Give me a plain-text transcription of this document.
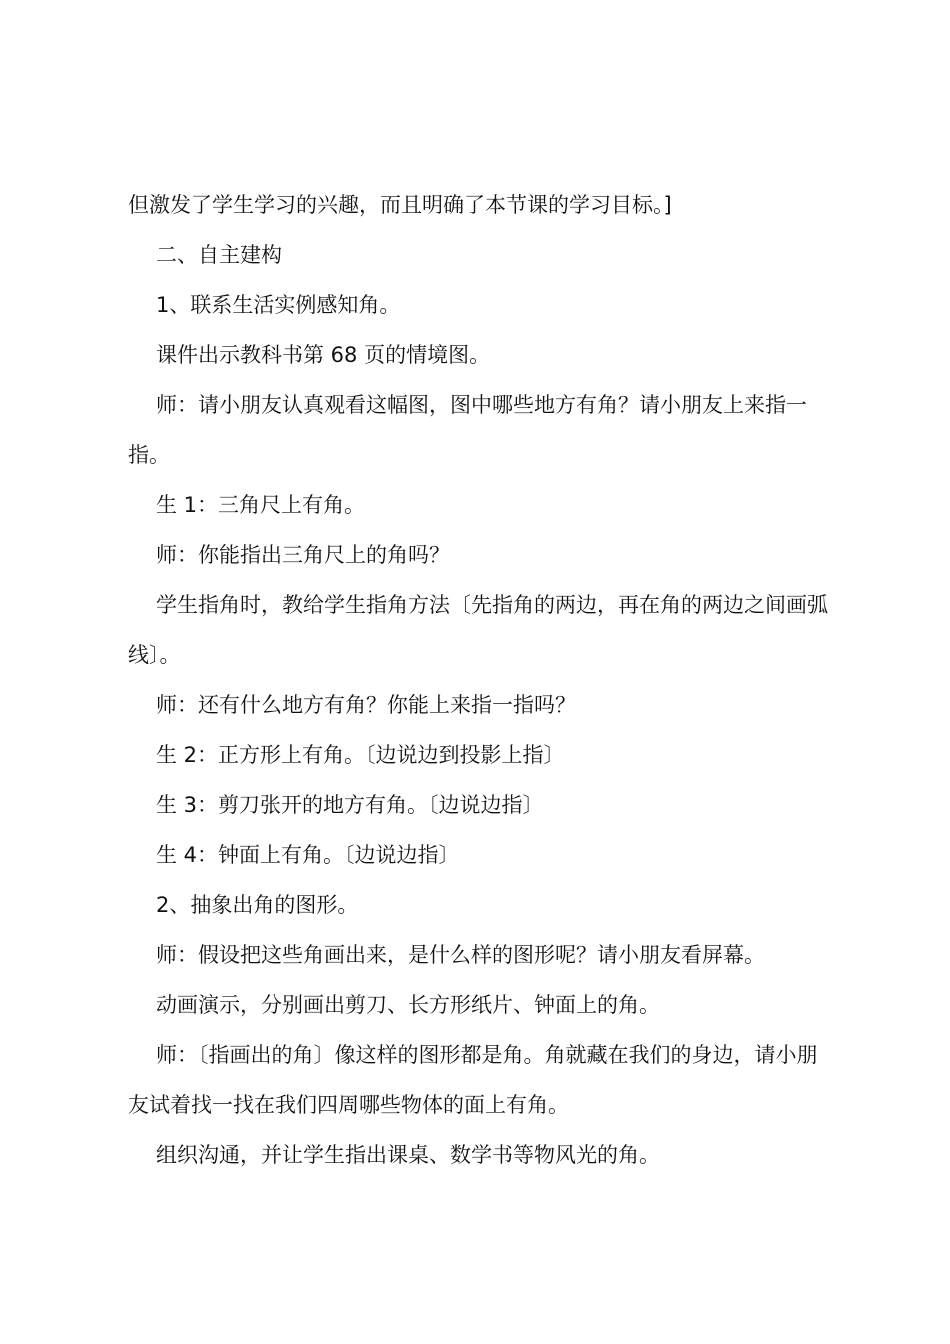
但激发了学生学习的兴趣，而且明确了本节课的学习目标。]

二、自主建构

1、联系生活实例感知角。

课件出示教科书第 68 页的情境图。

师：请小朋友认真观看这幅图，图中哪些地方有角？请小朋友上来指一指。

生 1：三角尺上有角。

师：你能指出三角尺上的角吗？

学生指角时，教给学生指角方法〔先指角的两边，再在角的两边之间画弧线〕。

师：还有什么地方有角？你能上来指一指吗？

生 2：正方形上有角。〔边说边到投影上指〕

生 3：剪刀张开的地方有角。〔边说边指〕

生 4：钟面上有角。〔边说边指〕

2、抽象出角的图形。

师：假设把这些角画出来，是什么样的图形呢？请小朋友看屏幕。

动画演示，分别画出剪刀、长方形纸片、钟面上的角。

师：〔指画出的角〕像这样的图形都是角。角就藏在我们的身边，请小朋友试着找一找在我们四周哪些物体的面上有角。

组织沟通，并让学生指出课桌、数学书等物风光的角。
